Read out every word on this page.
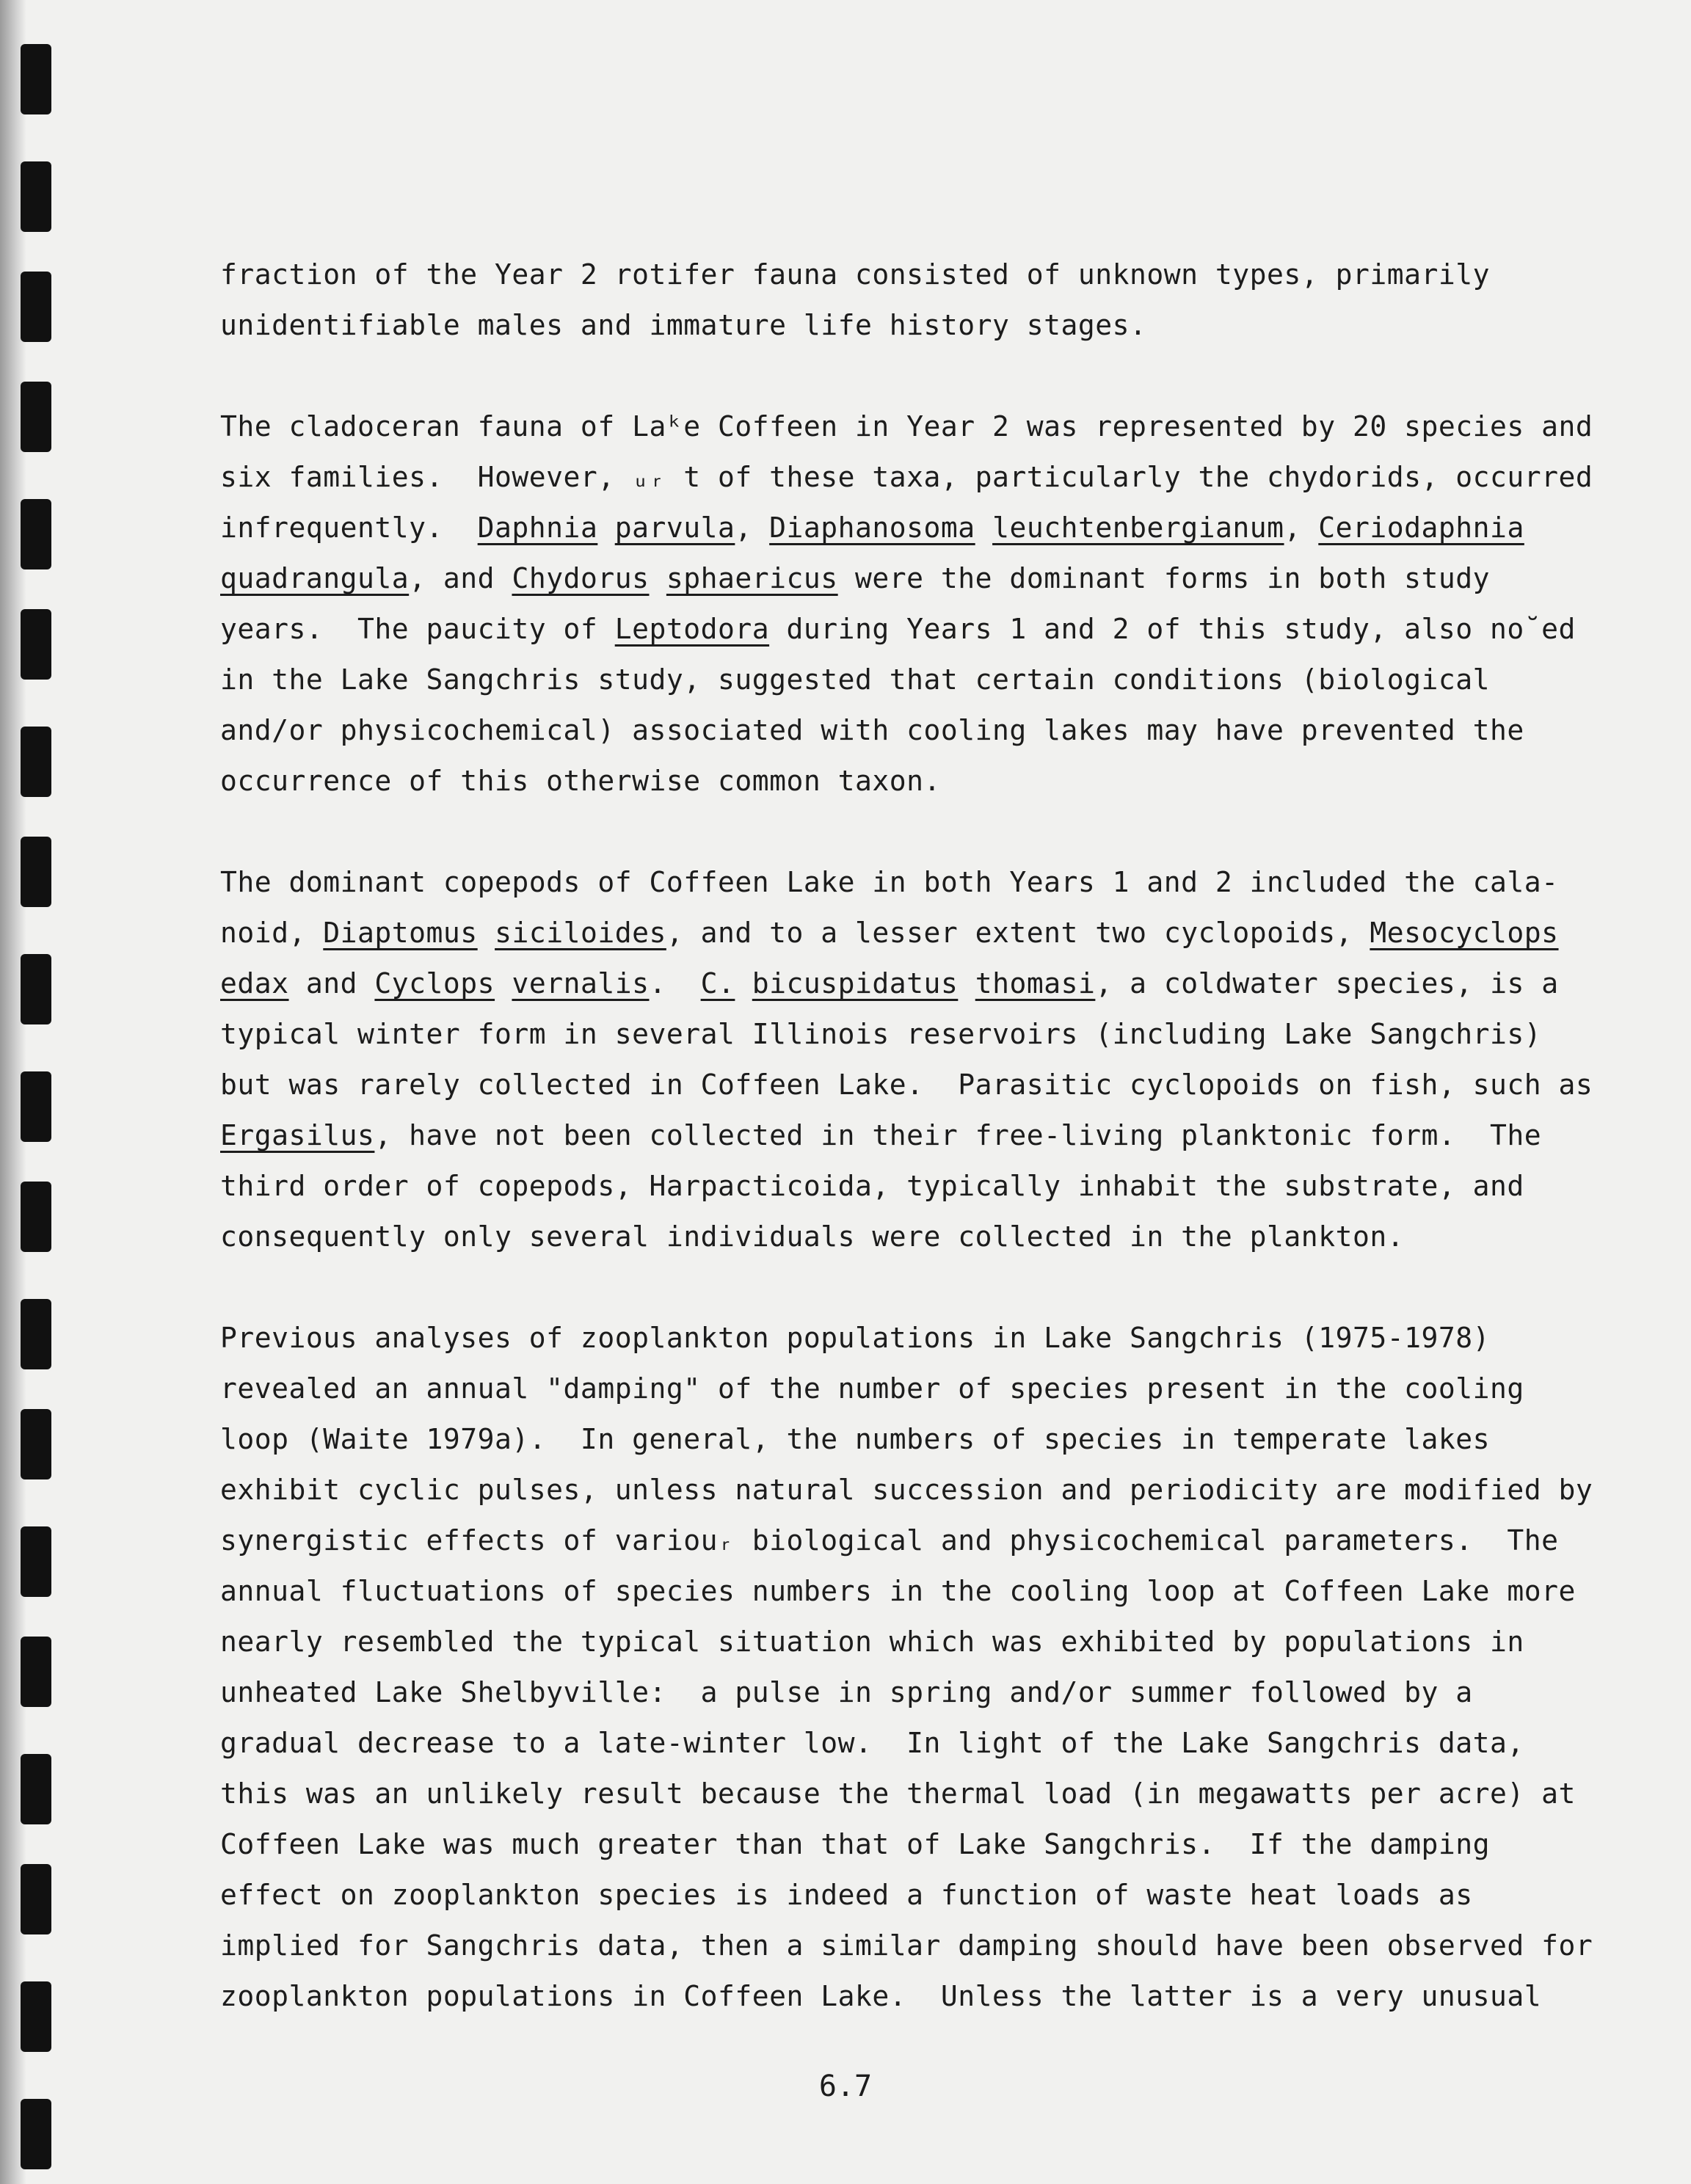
fraction of the Year 2 rotifer fauna consisted of unknown types, primarily
unidentifiable males and immature life history stages.

The cladoceran fauna of Laᵏe Coffeen in Year 2 was represented by 20 species and
six families.  However, ᵤᵣ t of these taxa, particularly the chydorids, occurred
infrequently.  Daphnia parvula, Diaphanosoma leuchtenbergianum, Ceriodaphnia
quadrangula, and Chydorus sphaericus were the dominant forms in both study
years.  The paucity of Leptodora during Years 1 and 2 of this study, also no˘ed
in the Lake Sangchris study, suggested that certain conditions (biological
and/or physicochemical) associated with cooling lakes may have prevented the
occurrence of this otherwise common taxon.

The dominant copepods of Coffeen Lake in both Years 1 and 2 included the cala-
noid, Diaptomus siciloides, and to a lesser extent two cyclopoids, Mesocyclops
edax and Cyclops vernalis.  C. bicuspidatus thomasi, a coldwater species, is a
typical winter form in several Illinois reservoirs (including Lake Sangchris)
but was rarely collected in Coffeen Lake.  Parasitic cyclopoids on fish, such as
Ergasilus, have not been collected in their free-living planktonic form.  The
third order of copepods, Harpacticoida, typically inhabit the substrate, and
consequently only several individuals were collected in the plankton.

Previous analyses of zooplankton populations in Lake Sangchris (1975-1978)
revealed an annual "damping" of the number of species present in the cooling
loop (Waite 1979a).  In general, the numbers of species in temperate lakes
exhibit cyclic pulses, unless natural succession and periodicity are modified by
synergistic effects of variouᵣ biological and physicochemical parameters.  The
annual fluctuations of species numbers in the cooling loop at Coffeen Lake more
nearly resembled the typical situation which was exhibited by populations in
unheated Lake Shelbyville:  a pulse in spring and/or summer followed by a
gradual decrease to a late-winter low.  In light of the Lake Sangchris data,
this was an unlikely result because the thermal load (in megawatts per acre) at
Coffeen Lake was much greater than that of Lake Sangchris.  If the damping
effect on zooplankton species is indeed a function of waste heat loads as
implied for Sangchris data, then a similar damping should have been observed for
zooplankton populations in Coffeen Lake.  Unless the latter is a very unusual

6.7
